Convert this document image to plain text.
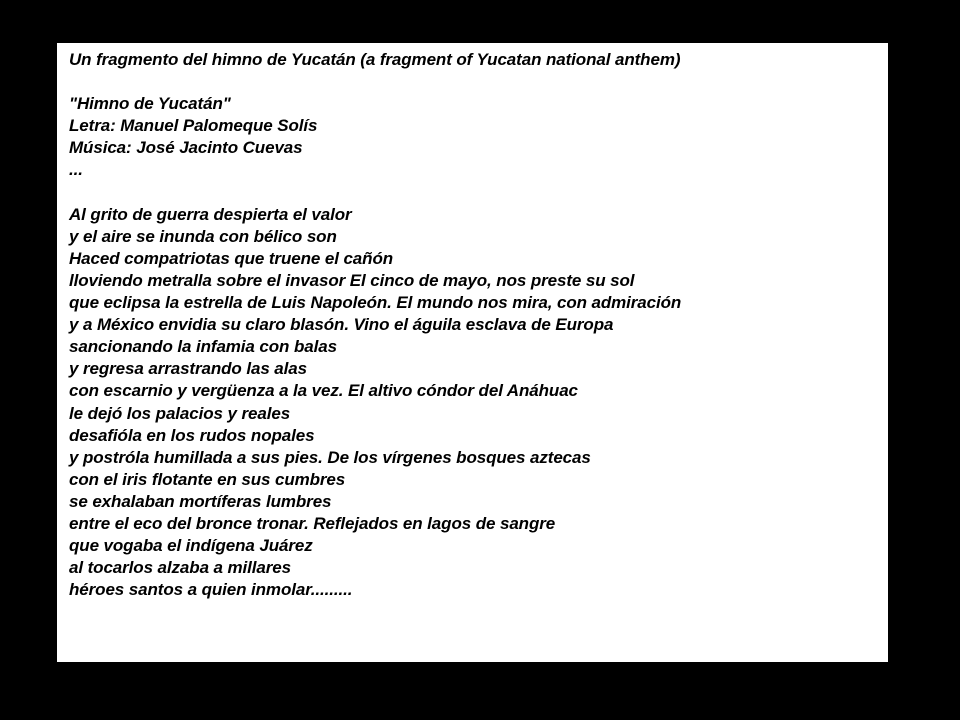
Un fragmento del himno de Yucatán (a fragment of Yucatan national anthem)
"Himno de Yucatán"
Letra: Manuel Palomeque Solís
Música: José Jacinto Cuevas
...
Al grito de guerra despierta el valor
y el aire se inunda con bélico son
Haced compatriotas que truene el cañón
lloviendo metralla sobre el invasor El cinco de mayo, nos preste su sol
que eclipsa la estrella de Luis Napoleón. El mundo nos mira, con admiración
y a México envidia su claro blasón. Vino el águila esclava de Europa
sancionando la infamia con balas
y regresa arrastrando las alas
con escarnio y vergüenza a la vez. El altivo cóndor del Anáhuac
le dejó los palacios y reales
desafióla en los rudos nopales
y postróla humillada a sus pies. De los vírgenes bosques aztecas
con el iris flotante en sus cumbres
se exhalaban mortíferas lumbres
entre el eco del bronce tronar. Reflejados en lagos de sangre
que vogaba el indígena Juárez
al tocarlos alzaba a millares
héroes santos a quien inmolar.........
